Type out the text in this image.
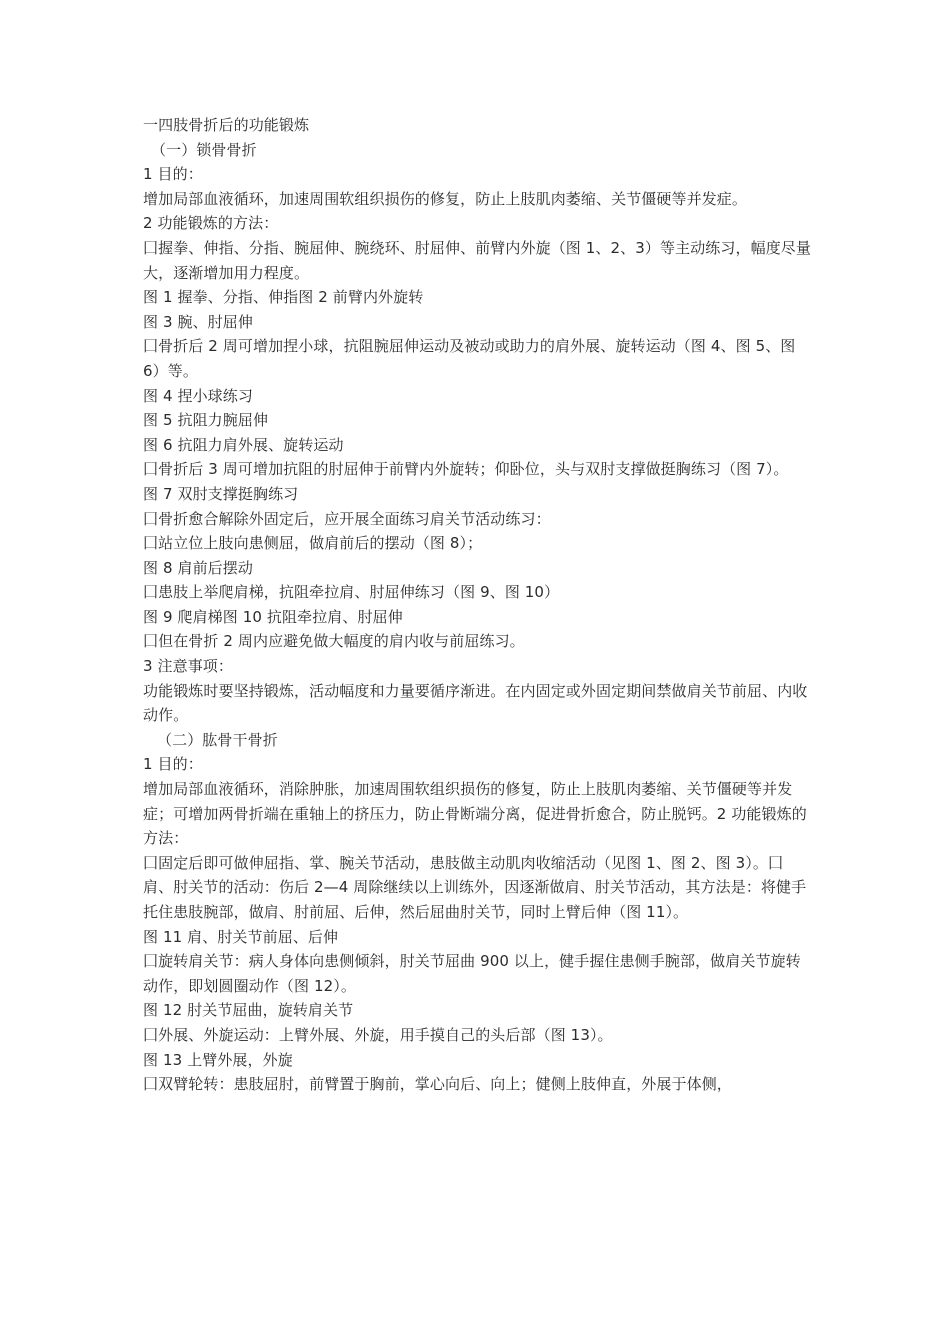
一四肢骨折后的功能锻炼

（一）锁骨骨折

1 目的：

增加局部血液循环，加速周围软组织损伤的修复，防止上肢肌肉萎缩、关节僵硬等并发症。

2 功能锻炼的方法：

囗握拳、伸指、分指、腕屈伸、腕绕环、肘屈伸、前臂内外旋（图 1、2、3）等主动练习，幅度尽量大，逐渐增加用力程度。

图 1 握拳、分指、伸指图 2 前臂内外旋转

图 3 腕、肘屈伸

囗骨折后 2 周可增加捏小球，抗阻腕屈伸运动及被动或助力的肩外展、旋转运动（图 4、图 5、图 6）等。

图 4 捏小球练习

图 5 抗阻力腕屈伸

图 6 抗阻力肩外展、旋转运动

囗骨折后 3 周可增加抗阻的肘屈伸于前臂内外旋转；仰卧位，头与双肘支撑做挺胸练习（图 7）。

图 7 双肘支撑挺胸练习

囗骨折愈合解除外固定后，应开展全面练习肩关节活动练习：

囗站立位上肢向患侧屈，做肩前后的摆动（图 8）；

图 8 肩前后摆动

囗患肢上举爬肩梯，抗阻牵拉肩、肘屈伸练习（图 9、图 10）

图 9 爬肩梯图 10 抗阻牵拉肩、肘屈伸

囗但在骨折 2 周内应避免做大幅度的肩内收与前屈练习。

3 注意事项：

功能锻炼时要坚持锻炼，活动幅度和力量要循序渐进。在内固定或外固定期间禁做肩关节前屈、内收动作。

（二）肱骨干骨折

1 目的：

增加局部血液循环，消除肿胀，加速周围软组织损伤的修复，防止上肢肌肉萎缩、关节僵硬等并发症；可增加两骨折端在重轴上的挤压力，防止骨断端分离，促进骨折愈合，防止脱钙。2 功能锻炼的方法：

囗固定后即可做伸屈指、掌、腕关节活动，患肢做主动肌肉收缩活动（见图 1、图 2、图 3）。囗肩、肘关节的活动：伤后 2—4 周除继续以上训练外，因逐渐做肩、肘关节活动，其方法是：将健手托住患肢腕部，做肩、肘前屈、后伸，然后屈曲肘关节，同时上臂后伸（图 11）。

图 11 肩、肘关节前屈、后伸

囗旋转肩关节：病人身体向患侧倾斜，肘关节屈曲 900 以上，健手握住患侧手腕部，做肩关节旋转动作，即划圆圈动作（图 12）。

图 12 肘关节屈曲，旋转肩关节

囗外展、外旋运动：上臂外展、外旋，用手摸自己的头后部（图 13）。

图 13 上臂外展，外旋

囗双臂轮转：患肢屈肘，前臂置于胸前，掌心向后、向上；健侧上肢伸直，外展于体侧，
